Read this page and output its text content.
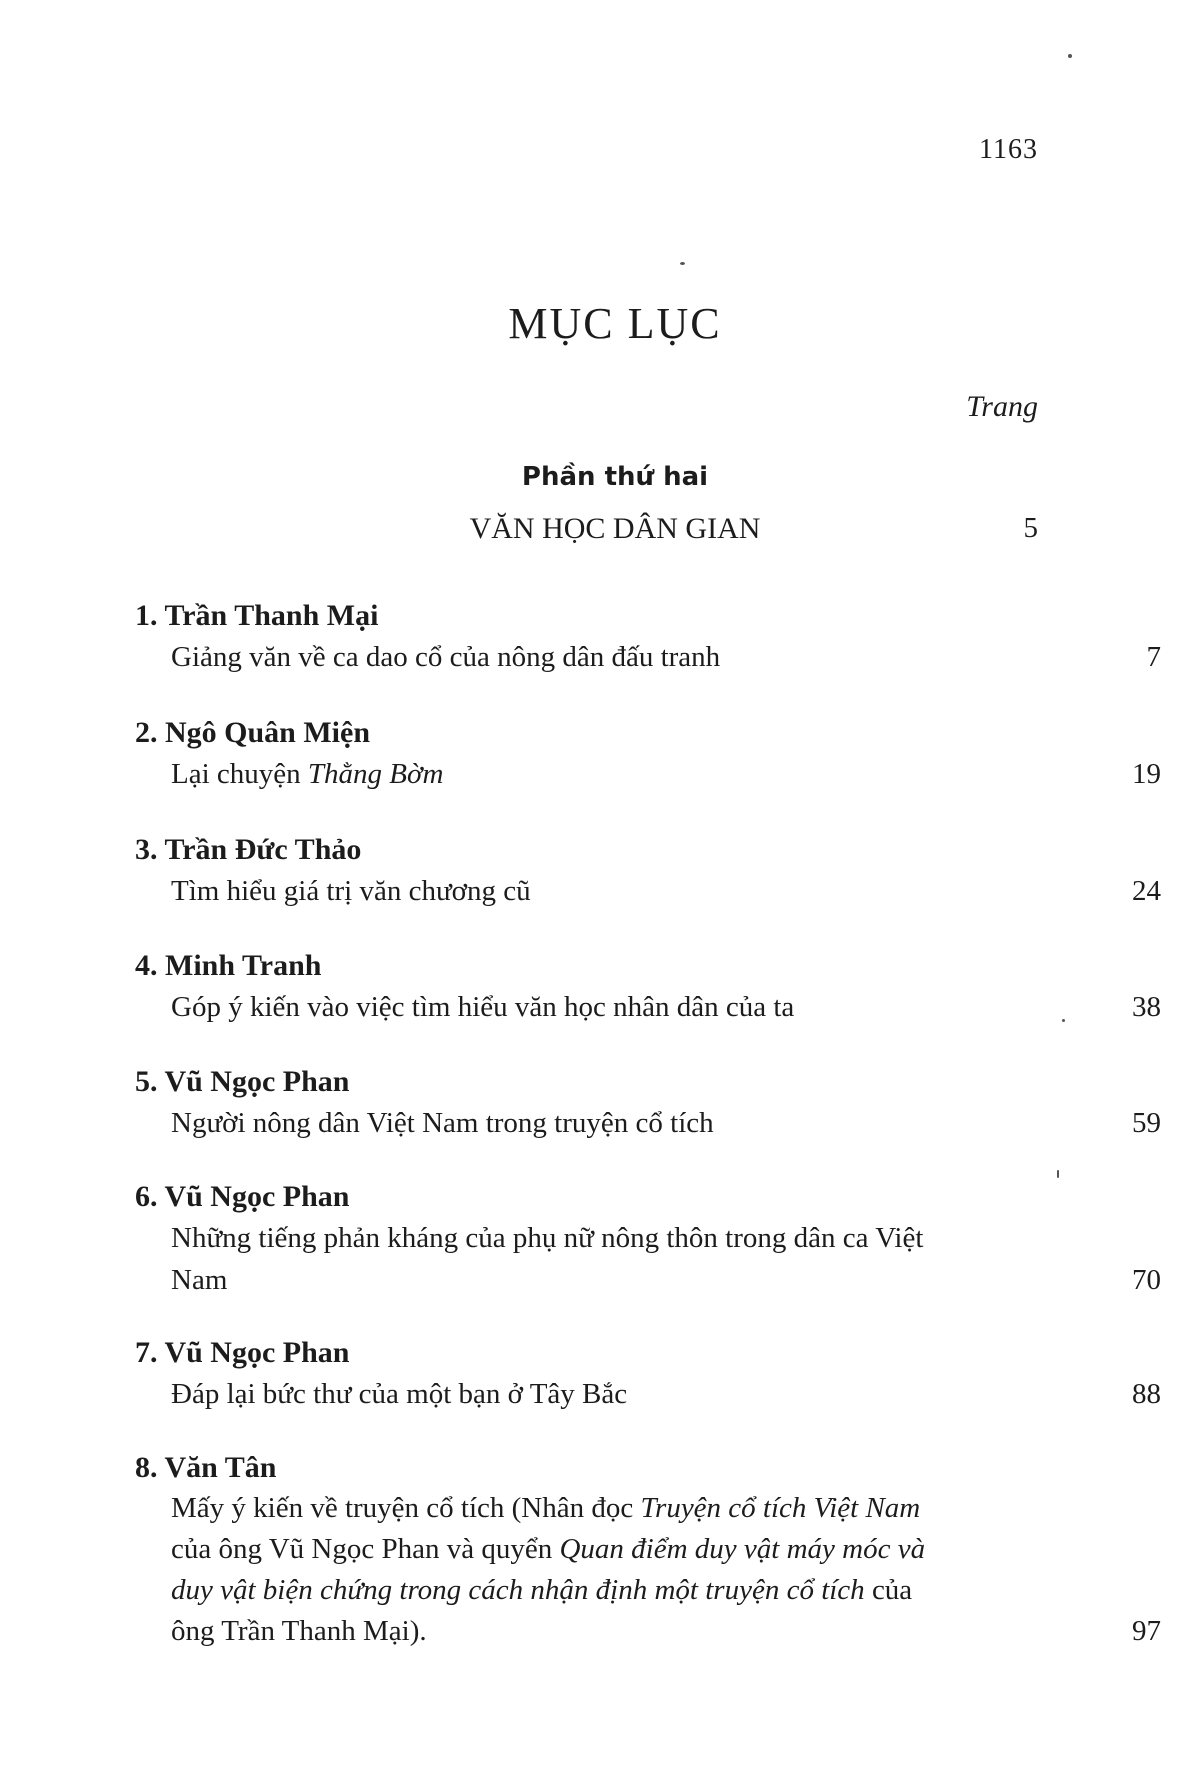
1163
MỤC LỤC
Trang
Phần thứ hai
VĂN HỌC DÂN GIAN	5
1. Trần Thanh Mại
Giảng văn về ca dao cổ của nông dân đấu tranh	7
2. Ngô Quân Miện
Lại chuyện Thằng Bờm	19
3. Trần Đức Thảo
Tìm hiểu giá trị văn chương cũ	24
4. Minh Tranh
Góp ý kiến vào việc tìm hiểu văn học nhân dân của ta	38
5. Vũ Ngọc Phan
Người nông dân Việt Nam trong truyện cổ tích	59
6. Vũ Ngọc Phan
Những tiếng phản kháng của phụ nữ nông thôn trong dân ca Việt Nam	70
7. Vũ Ngọc Phan
Đáp lại bức thư của một bạn ở Tây Bắc	88
8. Văn Tân
Mấy ý kiến về truyện cổ tích (Nhân đọc Truyện cổ tích Việt Nam của ông Vũ Ngọc Phan và quyển Quan điểm duy vật máy móc và duy vật biện chứng trong cách nhận định một truyện cổ tích của ông Trần Thanh Mại).	97
